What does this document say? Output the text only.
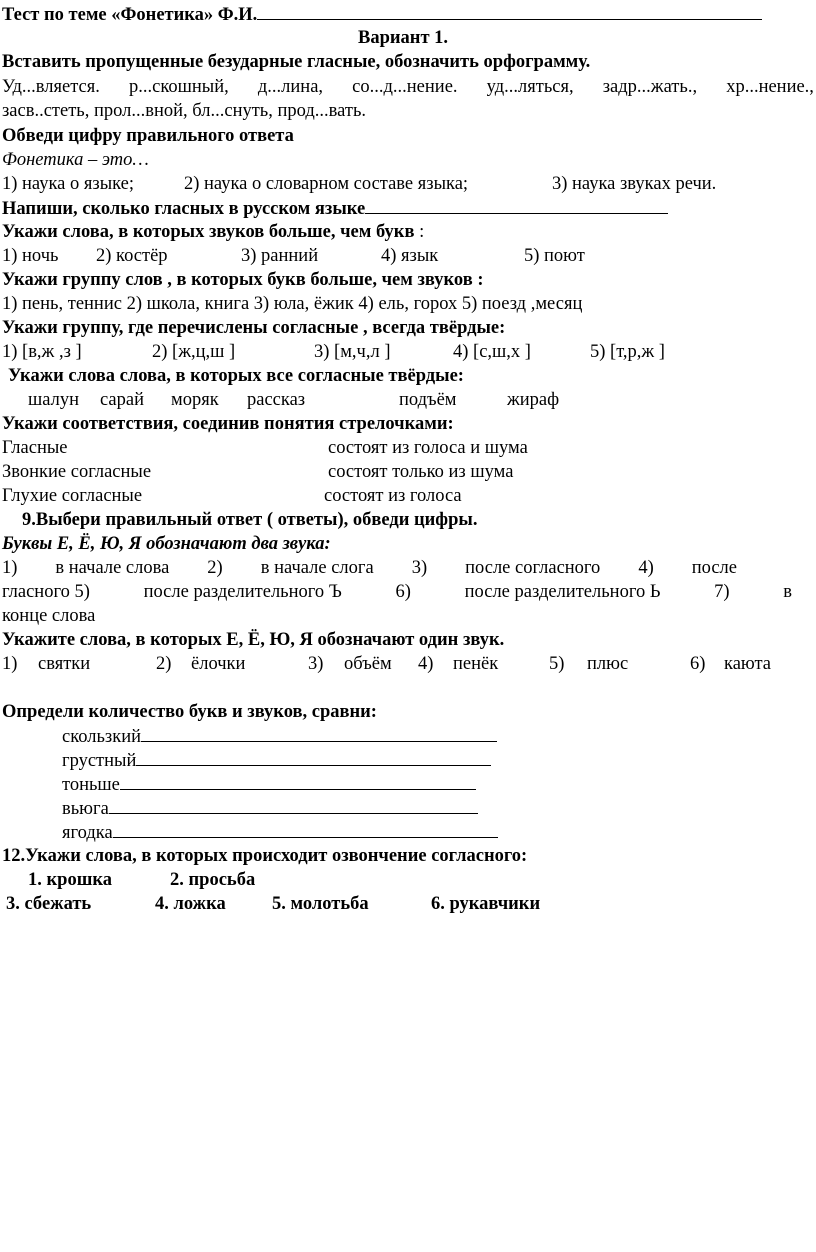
Тест по теме «Фонетика» Ф.И.
Вариант 1.
Вставить пропущенные безударные гласные, обозначить орфограмму.
Уд...вляется. р...скошный, д...лина, со...д...нение. уд...ляться, задр...жать., хр...нение.,
засв..стеть, прол...вной, бл...снуть, прод...вать.
Обведи цифру правильного ответа
Фонетика – это…
1) наука о языке;	2) наука о словарном составе языка;	3) наука звуках речи.
Напиши, сколько гласных в русском языке
Укажи слова, в которых звуков больше, чем букв :
1) ночь 2) костёр	3) ранний	4) язык	5) поют
Укажи группу слов , в которых букв больше, чем звуков :
1) пень, теннис 2) школа, книга 3) юла, ёжик 4) ель, горох 5) поезд ,месяц
Укажи группу, где перечислены согласные , всегда твёрдые:
1) [в,ж ,з ]	2) [ж,ц,ш ]	3) [м,ч,л ]	4) [с,ш,х ]	5) [т,р,ж ]
Укажи слова слова, в которых все согласные твёрдые:
шалун сарай моряк рассказ	подъём	жираф
Укажи соответствия, соединив понятия стрелочками:
Гласные	состоят из голоса и шума
Звонкие согласные	состоят только из шума
Глухие согласные	состоят из голоса
9.Выбери правильный ответ ( ответы), обведи цифры.
Буквы Е, Ё, Ю, Я обозначают два звука:
1) в начале слова 2) в начале слога 3) после согласного 4) после
гласного 5)	после разделительного Ъ	6)	после разделительного Ь	7)	в
конце слова
Укажите слова, в которых Е, Ё, Ю, Я обозначают один звук.
1) святки	2) ёлочки	3) объём 4) пенёк	5) плюс	6) каюта
Определи количество букв и звуков, сравни:
скользкий
грустный
тоньше
вьюга
ягодка
12.Укажи слова, в которых происходит озвончение согласного:
1. крошка	2. просьба
3. сбежать	4. ложка	5. молотьба	6. рукавчики
